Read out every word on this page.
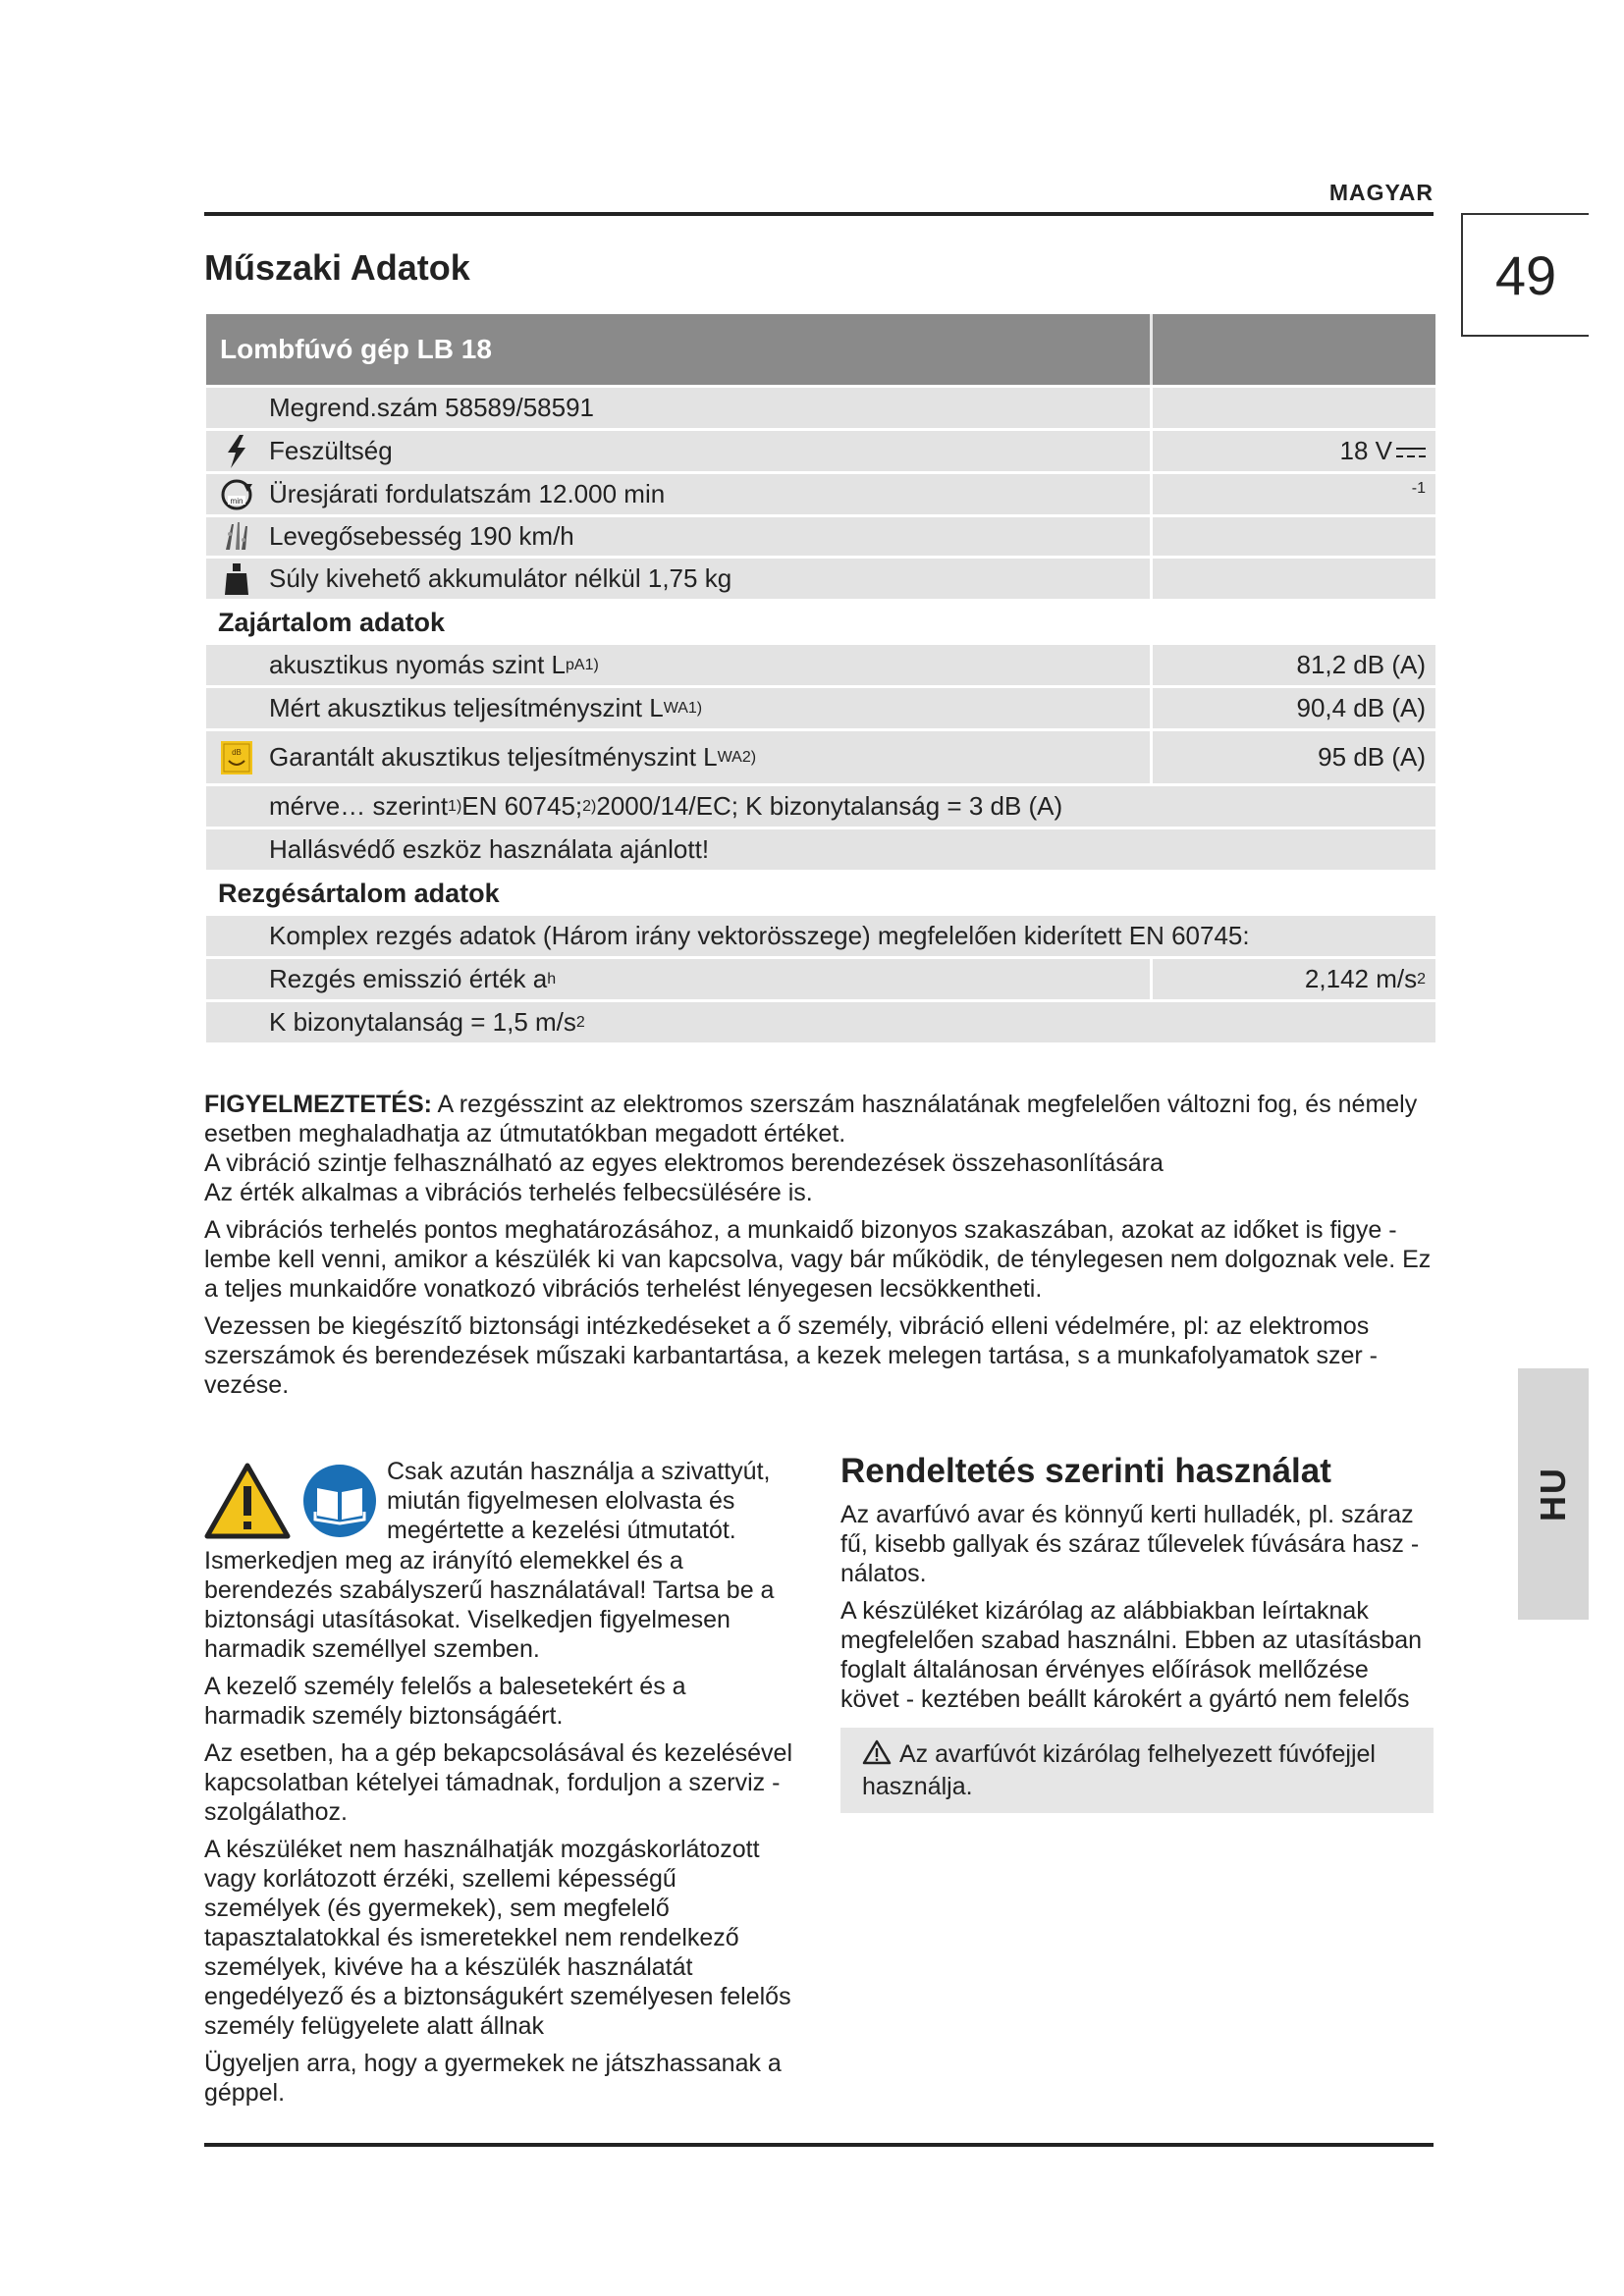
MAGYAR
49
Műszaki Adatok
Lombfúvó gép LB 18
Megrend.szám 58589/58591
Feszültség	18 V
min Üresjárati fordulatszám 12.000 min	-1
Levegősebesség 190 km/h
Súly kivehető akkumulátor nélkül 1,75 kg
Zajártalom adatok
akusztikus nyomás szint L pA 1)	81,2 dB (A)
Mért akusztikus teljesítményszint L WA 1)	90,4 dB (A)
dB Garantált akusztikus teljesítményszint L WA 2)	95 dB (A)
mérve… szerint 1) EN 60745; 2) 2000/14/EC; K bizonytalanság = 3 dB (A)
Hallásvédő eszköz használata ajánlott!
Rezgésártalom adatok
Komplex rezgés adatok (Három irány vektorösszege) megfelelően kiderített EN 60745:
Rezgés emisszió érték a h	2,142 m/s 2
K bizonytalanság = 1,5 m/s 2

FIGYELMEZTETÉS: A rezgésszint az elektromos szerszám használatának megfelelően változni fog, és némely esetben meghaladhatja az útmutatókban megadott értéket.
A vibráció szintje felhasználható az egyes elektromos berendezések összehasonlítására
Az érték alkalmas a vibrációs terhelés felbecsülésére is.

A vibrációs terhelés pontos meghatározásához, a munkaidő bizonyos szakaszában, azokat az időket is figye - lembe kell venni, amikor a készülék ki van kapcsolva, vagy bár működik, de ténylegesen nem dolgoznak vele. Ez a teljes munkaidőre vonatkozó vibrációs terhelést lényegesen lecsökkentheti.

Vezessen be kiegészítő biztonsági intézkedéseket a ő személy, vibráció elleni védelmére, pl: az elektromos szerszámok és berendezések műszaki karbantartása, a kezek melegen tartása, s a munkafolyamatok szer - vezése.

Csak azután használja a szivattyút, miután figyelmesen elolvasta és megértette a kezelési útmutatót.

Ismerkedjen meg az irányító elemekkel és a berendezés szabályszerű használatával! Tartsa be a biztonsági utasításokat. Viselkedjen figyelmesen harmadik személlyel szemben.

A kezelő személy felelős a balesetekért és a harmadik személy biztonságáért.

Az esetben, ha a gép bekapcsolásával és kezelésével kapcsolatban kételyei támadnak, forduljon a szerviz - szolgálathoz.

A készüléket nem használhatják mozgáskorlátozott vagy korlátozott érzéki, szellemi képességű személyek (és gyermekek), sem megfelelő tapasztalatokkal és ismeretekkel nem rendelkező személyek, kivéve ha a készülék használatát engedélyező és a biztonságukért személyesen felelős személy felügyelete alatt állnak

Ügyeljen arra, hogy a gyermekek ne játszhassanak a géppel.

Rendeltetés szerinti használat

Az avarfúvó avar és könnyű kerti hulladék, pl. száraz fű, kisebb gallyak és száraz tűlevelek fúvására hasz - nálatos.

A készüléket kizárólag az alábbiakban leírtaknak megfelelően szabad használni. Ebben az utasításban foglalt általánosan érvényes előírások mellőzése követ - keztében beállt károkért a gyártó nem felelős

Az avarfúvót kizárólag felhelyezett fúvófejjel használja.
HU
